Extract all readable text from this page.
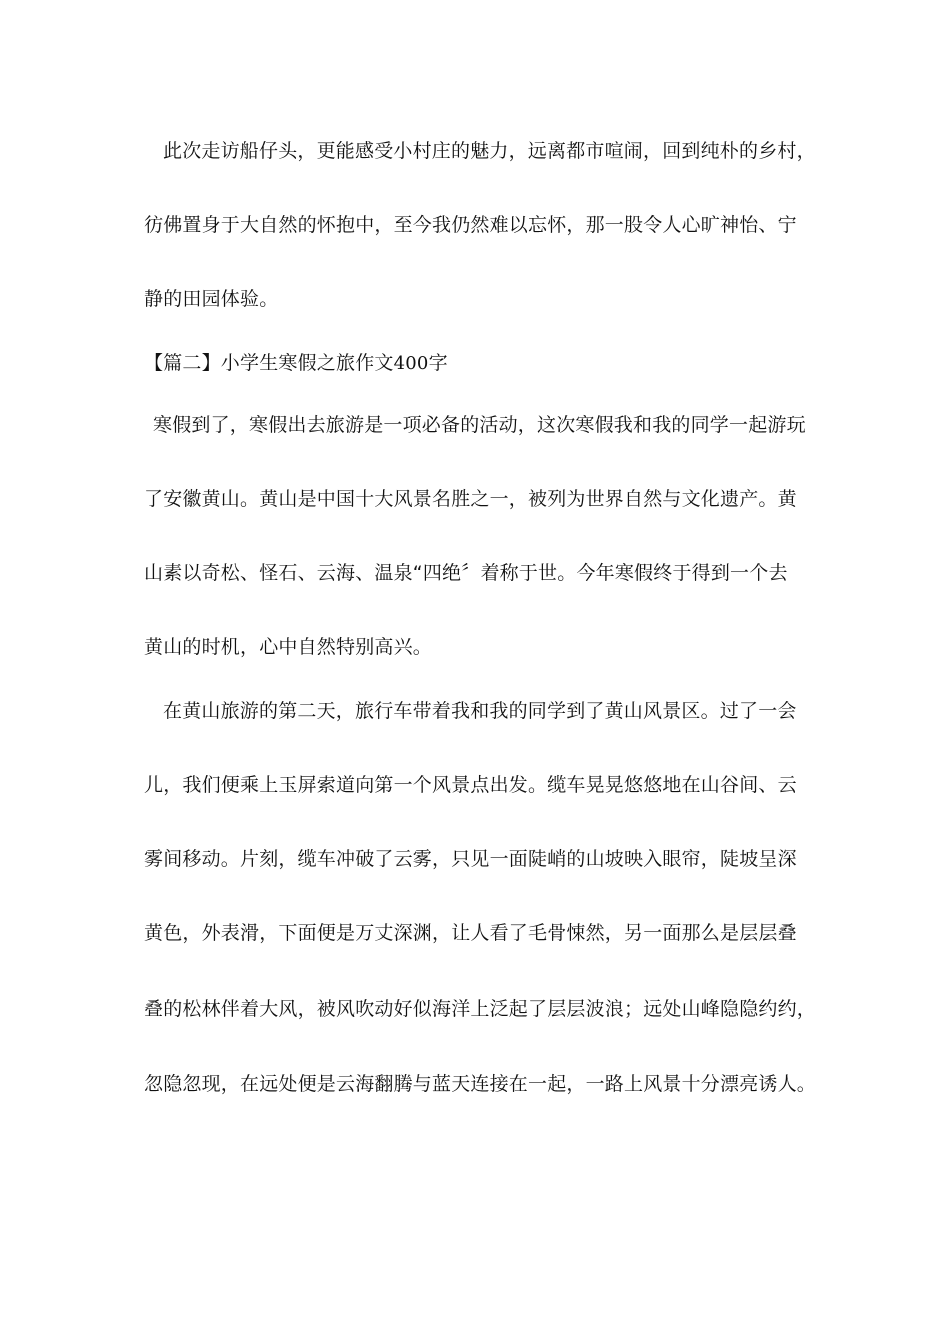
此次走访船仔头，更能感受小村庄的魅力，远离都市喧闹，回到纯朴的乡村，
彷佛置身于大自然的怀抱中，至今我仍然难以忘怀，那一股令人心旷神怡、宁
静的田园体验。
【篇二】小学生寒假之旅作文400字
寒假到了，寒假出去旅游是一项必备的活动，这次寒假我和我的同学一起游玩
了安徽黄山。黄山是中国十大风景名胜之一，被列为世界自然与文化遗产。黄
山素以奇松、怪石、云海、温泉“四绝〞着称于世。今年寒假终于得到一个去
黄山的时机，心中自然特别高兴。
在黄山旅游的第二天，旅行车带着我和我的同学到了黄山风景区。过了一会
儿，我们便乘上玉屏索道向第一个风景点出发。缆车晃晃悠悠地在山谷间、云
雾间移动。片刻，缆车冲破了云雾，只见一面陡峭的山坡映入眼帘，陡坡呈深
黄色，外表滑，下面便是万丈深渊，让人看了毛骨悚然，另一面那么是层层叠
叠的松林伴着大风，被风吹动好似海洋上泛起了层层波浪；远处山峰隐隐约约，
忽隐忽现，在远处便是云海翻腾与蓝天连接在一起，一路上风景十分漂亮诱人。
